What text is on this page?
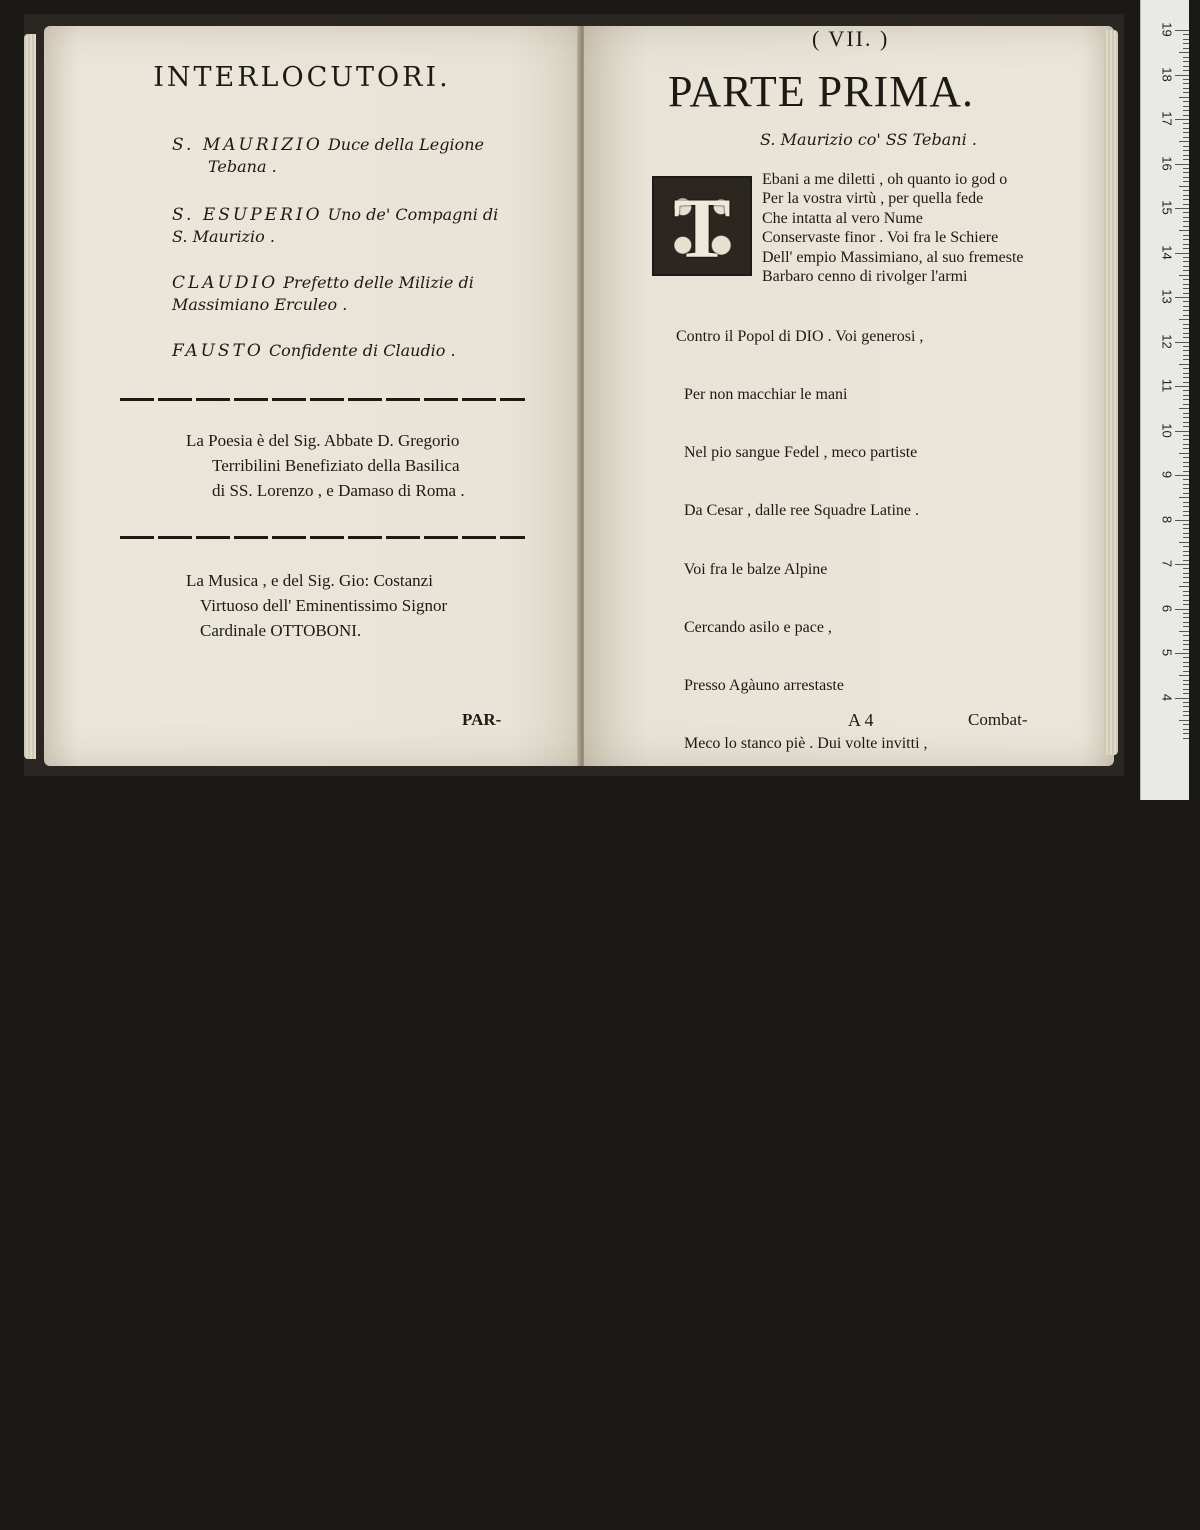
INTERLOCUTORI.
S. MAURIZIO Duce della Legione
Tebana .
S. ESUPERIO Uno de' Compagni di
S. Maurizio .
CLAUDIO Prefetto delle Milizie di
Massimiano Erculeo .
FAUSTO Confidente di Claudio .
La Poesia è del Sig. Abbate D. Gregorio
Terribilini Benefiziato della Basilica
di SS. Lorenzo , e Damaso di Roma .
La Musica , e del Sig. Gio: Costanzi
Virtuoso dell' Eminentissimo Signor
Cardinale OTTOBONI.
PAR-
( VII. )
PARTE PRIMA.
S. Maurizio co' SS Tebani .
T
Ebani a me diletti , oh quanto io god o
Per la vostra virtù , per quella fede
Che intatta al vero Nume
Conservaste finor . Voi fra le Schiere
Dell' empio Massimiano, al suo fremeste
Barbaro cenno di rivolger l'armi

Contro il Popol di DIO . Voi generosi ,

Per non macchiar le mani

Nel pio sangue Fedel , meco partiste

Da Cesar , dalle ree Squadre Latine .

Voi fra le balze Alpine

Cercando asilo e pace ,

Presso Agàuno arrestaste

Meco lo stanco piè . Dui volte invitti ,

In quel Campo vermiglio ,

L'alto scempio miraste

De' cari Amici : che per fausta sorte

Soffriron per GESU' ferite , e morte .

Or del nostro Martire

Il tempo è omai presente : a noi vicine

Son le Palme , i Trionfi . All' alma mia .

Tanto Ben presagisce

Un tenero piacer . Fortezza , aita

Il Sovrano Motor nel gran cimento ,

Benigno porgerà . Per Lui costanti

Morremo , in faccia a i perfidi Tiranni ,

Tra il ferro , il foco , e i più penosi affanni .

A 4	Combat-
19
18
17
16
15
14
13
12
11
10
9
8
7
6
5
4
